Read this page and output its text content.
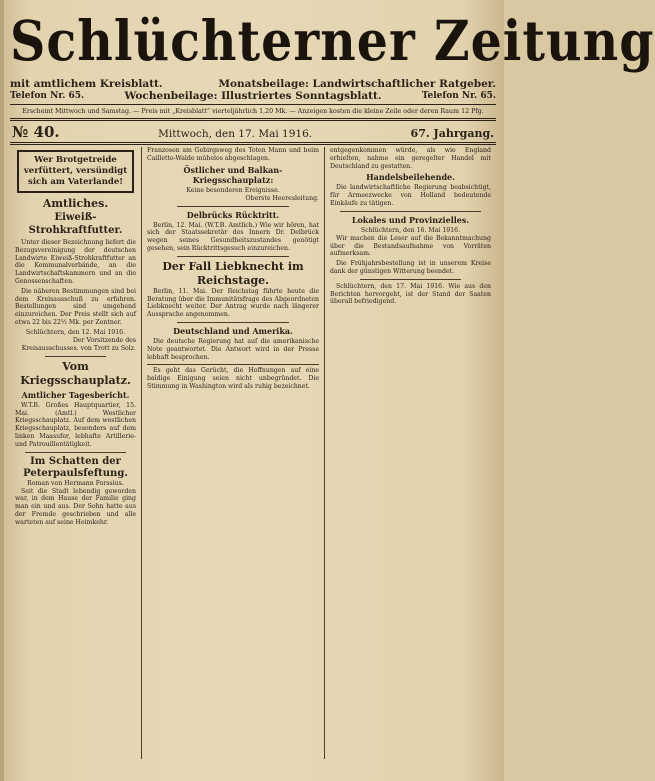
Schlüchterner Zeitung
mit amtlichem Kreisblatt.	Monatsbeilage: Landwirtschaftlicher Ratgeber.
Telefon Nr. 65.	Wochenbeilage: Illustriertes Sonntagsblatt.	Telefon Nr. 65.
Erscheint Mittwoch und Samstag. — Preis mit „Kreisblatt“ vierteljährlich 1,20 Mk. — Anzeigen kosten die kleine Zeile oder deren Raum 12 Pfg.
№ 40.	Mittwoch, den 17. Mai 1916.	67. Jahrgang.
Wer Brotgetreide verfüttert, versündigt sich am Vaterlande!
Amtliches.
Eiweiß-Strohkraftfutter.

Unter dieser Bezeichnung liefert die Bezugsvereinigung der deutschen Landwirte Eiweiß-Strohkraftfutter an die Kommunalverbände, an die Landwirtschaftskammern und an die Genossenschaften.

Die näheren Bestimmungen sind bei dem Kreisausschuß zu erfahren. Bestellungen sind umgehend einzureichen. Der Preis stellt sich auf etwa 22 bis 22½ Mk. per Zentner.

Schlüchtern, den 12. Mai 1916.
Der Vorsitzende des Kreisausschusses. von Trott zu Solz.
Vom Kriegsschauplatz.
Amtlicher Tagesbericht.

W.T.B. Großes Hauptquartier, 15. Mai. (Amtl.) Westlicher Kriegsschauplatz. Auf dem westlichen Kriegsschauplatz, besonders auf dem linken Maasufer, lebhafte Artillerie- und Patrouillentätigkeit.

Im Schatten der Peterpaulsfeftung.
Roman von Hermann Forssius.

Seit die Stadt lebendig geworden war, in dem Hause der Familie ging man ein und aus. Der Sohn hatte aus der Fremde geschrieben und alle warteten auf seine Heimkehr.

Franzosen am Gebirgsweg des Toten Mann und beim Caillette-Walde mühelos abgeschlagen.

Östlicher und Balkan-Kriegsschauplatz:
Keine besonderen Ereignisse.
Oberste Heeresleitung.
Delbrücks Rücktritt.

Berlin, 12. Mai. (W.T.B. Amtlich.) Wie wir hören, hat sich der Staatssekretär des Innern Dr. Delbrück wegen seines Gesundheitszustandes genötigt gesehen, sein Rücktrittsgesuch einzureichen.

Der Fall Liebknecht im Reichstage.

Berlin, 11. Mai. Der Reichstag führte heute die Beratung über die Immunitätsfrage des Abgeordneten Liebknecht weiter. Der Antrag wurde nach längerer Aussprache angenommen.

Deutschland und Amerika.

Die deutsche Regierung hat auf die amerikanische Note geantwortet. Die Antwort wird in der Presse lebhaft besprochen.

Es geht das Gerücht, die Hoffnungen auf eine baldige Einigung seien nicht unbegründet. Die Stimmung in Washington wird als ruhig bezeichnet.

entgegenkommen würde, als wie England erhielten, nahme ein geregelter Handel mit Deutschland zu gestatten.

Handelsbeilehende.

Die landwirtschaftliche Regierung beabsichtigt, für Armeezwecke von Holland bedeutende Einkäufe zu tätigen.

Lokales und Provinzielles.
Schlüchtern, den 16. Mai 1916.

Wir machen die Leser auf die Bekanntmachung über die Bestandsaufnahme von Vorräten aufmerksam.

Die Frühjahrsbestellung ist in unserem Kreise dank der günstigen Witterung beendet.

Schlüchtern, den 17. Mai 1916. Wie aus den Berichten hervorgeht, ist der Stand der Saaten überall befriedigend.
